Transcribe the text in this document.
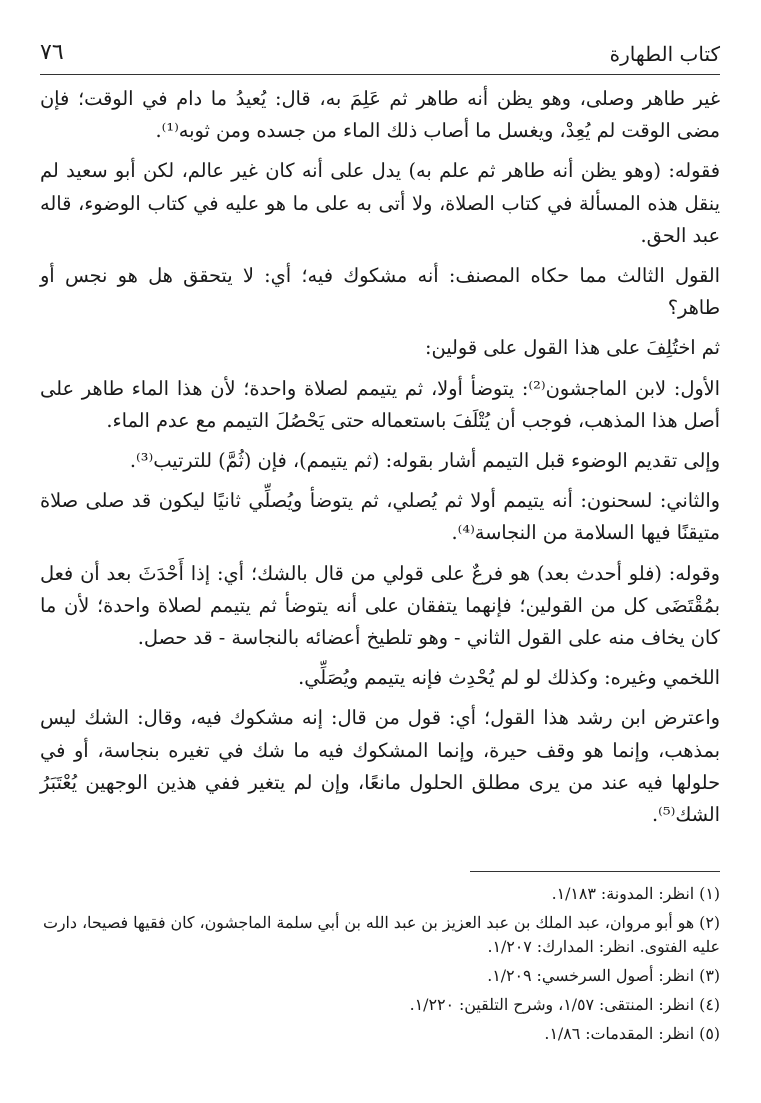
كتاب الطهارة
٧٦

غير طاهر وصلى، وهو يظن أنه طاهر ثم عَلِمَ به، قال: يُعيدُ ما دام في الوقت؛ فإن مضى الوقت لم يُعِدْ، ويغسل ما أصاب ذلك الماء من جسده ومن ثوبه⁽¹⁾.

فقوله: (وهو يظن أنه طاهر ثم علم به) يدل على أنه كان غير عالم، لكن أبو سعيد لم ينقل هذه المسألة في كتاب الصلاة، ولا أتى به على ما هو عليه في كتاب الوضوء، قاله عبد الحق.

القول الثالث مما حكاه المصنف: أنه مشكوك فيه؛ أي: لا يتحقق هل هو نجس أو طاهر؟

ثم اختُلِفَ على هذا القول على قولين:

الأول: لابن الماجشون⁽²⁾: يتوضأ أولا، ثم يتيمم لصلاة واحدة؛ لأن هذا الماء طاهر على أصل هذا المذهب، فوجب أن يُتْلَفَ باستعماله حتى يَحْصُلَ التيمم مع عدم الماء.

وإلى تقديم الوضوء قبل التيمم أشار بقوله: (ثم يتيمم)، فإن (ثُمَّ) للترتيب⁽³⁾.

والثاني: لسحنون: أنه يتيمم أولا ثم يُصلي، ثم يتوضأ ويُصلِّي ثانيًا ليكون قد صلى صلاة متيقنًا فيها السلامة من النجاسة⁽⁴⁾.

وقوله: (فلو أحدث بعد) هو فرعٌ على قولي من قال بالشك؛ أي: إذا أَحْدَثَ بعد أن فعل بمُقْتَضَى كل من القولين؛ فإنهما يتفقان على أنه يتوضأ ثم يتيمم لصلاة واحدة؛ لأن ما كان يخاف منه على القول الثاني - وهو تلطيخ أعضائه بالنجاسة - قد حصل.

اللخمي وغيره: وكذلك لو لم يُحْدِث فإنه يتيمم ويُصَلِّي.

واعترض ابن رشد هذا القول؛ أي: قول من قال: إنه مشكوك فيه، وقال: الشك ليس بمذهب، وإنما هو وقف حيرة، وإنما المشكوك فيه ما شك في تغيره بنجاسة، أو في حلولها فيه عند من يرى مطلق الحلول مانعًا، وإن لم يتغير ففي هذين الوجهين يُعْتَبَرُ الشك⁽⁵⁾.

(١) انظر: المدونة: ١/١٨٣.

(٢) هو أبو مروان، عبد الملك بن عبد العزيز بن عبد الله بن أبي سلمة الماجشون، كان فقيها فصيحا، دارت عليه الفتوى. انظر: المدارك: ١/٢٠٧.

(٣) انظر: أصول السرخسي: ١/٢٠٩.

(٤) انظر: المنتقى: ١/٥٧، وشرح التلقين: ١/٢٢٠.

(٥) انظر: المقدمات: ١/٨٦.
